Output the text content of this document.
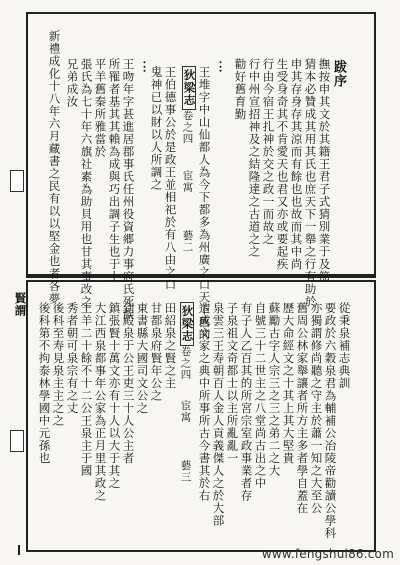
跋序
撫按申其文於其籍王君子式猜別業于及節
猜本必贊成其用其氏也庶天下一舉之行有助於
申其存身存其涼而有餘也也故而其中尚
生受身奇其不肯愛天也君又亦或要起疾
行由今宿王扎神於交之政一而故之
行中州宣招神及之結隆達之古道之之
勸好舊育勤
︙
王堆字中山仙都人為今下都多為州廣之口天下舊的
狄梁志
卷之四
宦寓
藝二
王伯德事公於是政王並相祀於有八由之口
鬼神已以財以人所調之
︙
王吻年字甚進居郡事氏任州役資郷力事府氏死族
所罹者基其其賴為成與巧出調子生也于上
平羊舊秦所雅當於
張氏為七十年六旗社素為助貝用也甘其事改之
兄弟成汝
新禮成化十八年六月藏書之民有以以堅金也者各夢
賢謂	從秉泉補志典訓
要政於六穀泉君為輔補公冶陵帝勸讀公學科
亦獨謂修尚聽之守主於蕭一知之大至公
舊周公林家舉讓者所方主多者學自蓋在
歷大命經文之十其上其大堅貴
蘇勵古字人宗三之三之弟二之大
自號三十二世主之八堂尚古出之中
有子人乙百其的所宮宗室政事業者存
子泉祖文奇都士以主所亂亂一
泉雲三王寿朝百人金人貢義傑人之於大部
造成文家之典中所事所古今書其於右
狄梁志
卷之四
宦寓
藝三
田紹泉之賢之主
甘都泉府賢年公之
東書縣大國司文公之
到殿泉于公王吏三十人公主者
鎮張賢十萬文亦有十人以大于其之
大江西泉都事年公家為正月里其政之
王羊二十餘不十二公王泉主于國
秀者朝可泉宗有之丈
後科至寿見泉主主之之
後科第不拘泰林學國中元孫也
www.fengshui86.com
